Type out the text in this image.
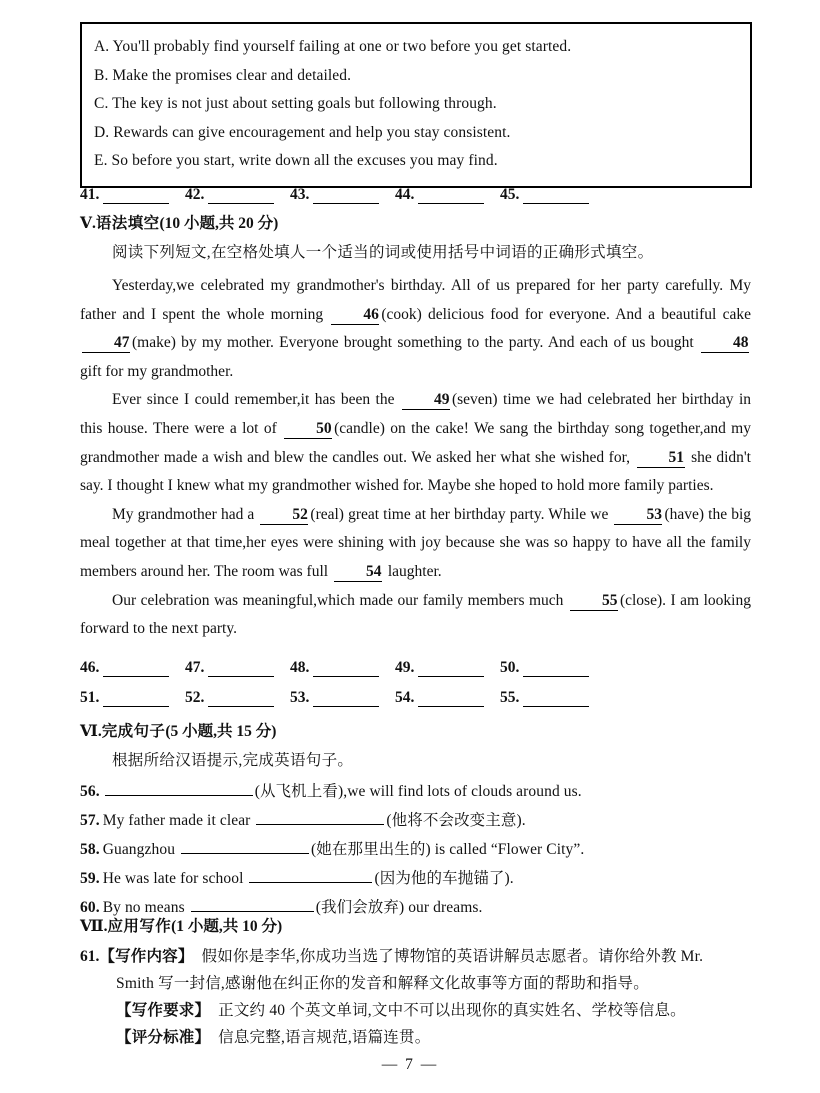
A. You'll probably find yourself failing at one or two before you get started.
B. Make the promises clear and detailed.
C. The key is not just about setting goals but following through.
D. Rewards can give encouragement and help you stay consistent.
E. So before you start, write down all the excuses you may find.
41.	42.	43.	44.	45.
Ⅴ.语法填空(10 小题,共 20 分)
阅读下列短文,在空格处填人一个适当的词或使用括号中词语的正确形式填空。

Yesterday,we celebrated my grandmother's birthday. All of us prepared for her party carefully. My father and I spent the whole morning 46 (cook) delicious food for everyone. And a beautiful cake 47 (make) by my mother. Everyone brought something to the party. And each of us bought 48 gift for my grandmother.

Ever since I could remember,it has been the 49 (seven) time we had celebrated her birthday in this house. There were a lot of 50 (candle) on the cake! We sang the birthday song together,and my grandmother made a wish and blew the candles out. We asked her what she wished for, 51 she didn't say. I thought I knew what my grandmother wished for. Maybe she hoped to hold more family parties.

My grandmother had a 52 (real) great time at her birthday party. While we 53 (have) the big meal together at that time,her eyes were shining with joy because she was so happy to have all the family members around her. The room was full 54 laughter.

Our celebration was meaningful,which made our family members much 55 (close). I am looking forward to the next party.

46.	47.	48.	49.	50.
51.	52.	53.	54.	55.
Ⅵ.完成句子(5 小题,共 15 分)
根据所给汉语提示,完成英语句子。
56.	(从飞机上看),we will find lots of clouds around us.
57. My father made it clear	(他将不会改变主意).
58. Guangzhou	(她在那里出生的) is called “Flower City”.
59. He was late for school	(因为他的车抛锚了).
60. By no means	(我们会放弃) our dreams.
Ⅶ.应用写作(1 小题,共 10 分)
61.【写作内容】　假如你是李华,你成功当选了博物馆的英语讲解员志愿者。请你给外教 Mr.
Smith 写一封信,感谢他在纠正你的发音和解释文化故事等方面的帮助和指导。
【写作要求】　正文约 40 个英文单词,文中不可以出现你的真实姓名、学校等信息。
【评分标准】　信息完整,语言规范,语篇连贯。
— 7 —
